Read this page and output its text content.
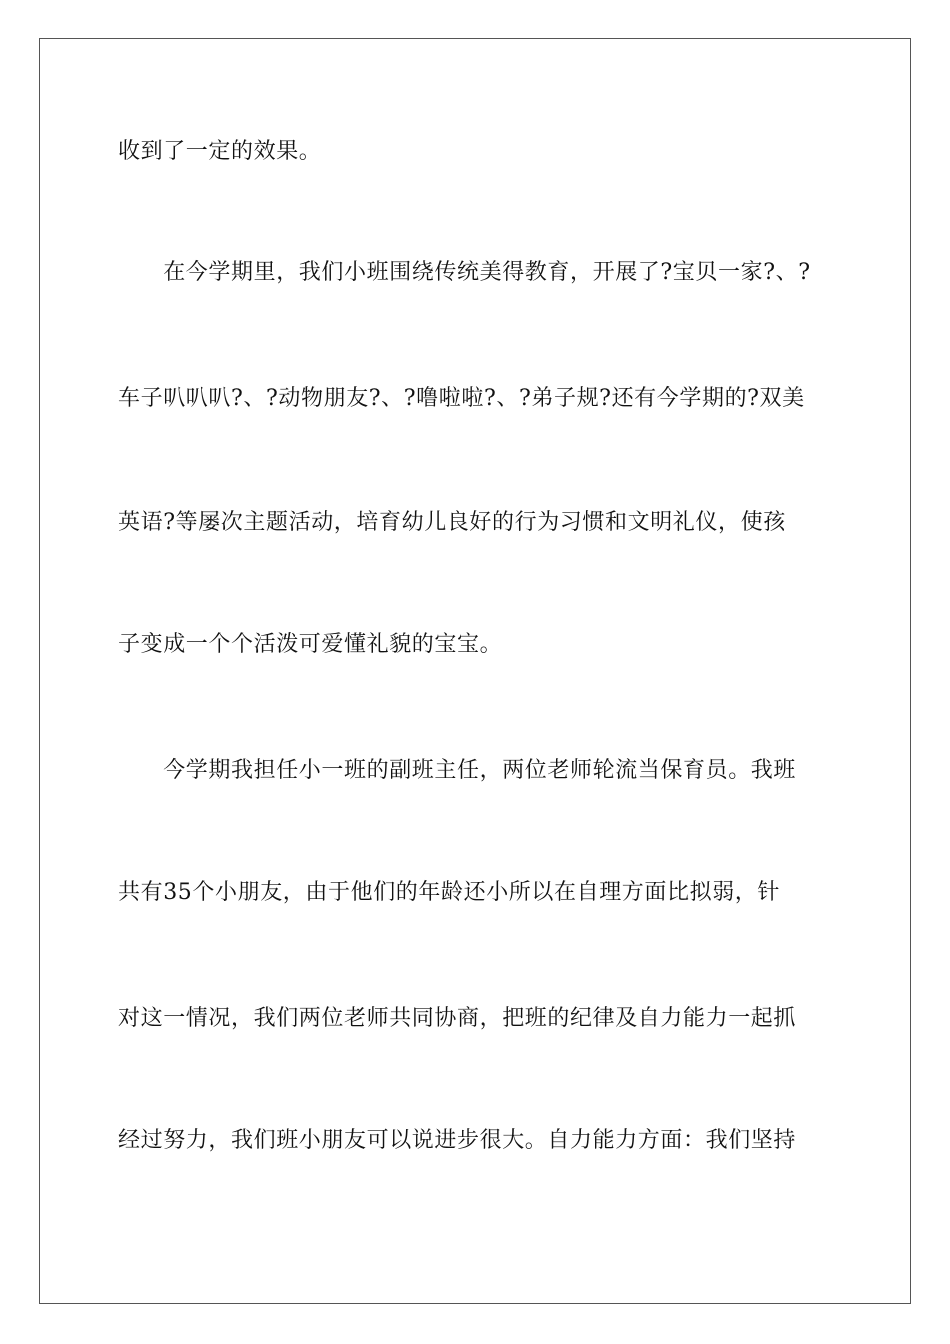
收到了一定的效果。
　　在今学期里，我们小班围绕传统美得教育，开展了?宝贝一家?、?
车子叭叭叭?、?动物朋友?、?噜啦啦?、?弟子规?还有今学期的?双美
英语?等屡次主题活动，培育幼儿良好的行为习惯和文明礼仪，使孩
子变成一个个活泼可爱懂礼貌的宝宝。
　　今学期我担任小一班的副班主任，两位老师轮流当保育员。我班
共有35个小朋友，由于他们的年龄还小所以在自理方面比拟弱，针
对这一情况，我们两位老师共同协商，把班的纪律及自力能力一起抓
经过努力，我们班小朋友可以说进步很大。自力能力方面：我们坚持
